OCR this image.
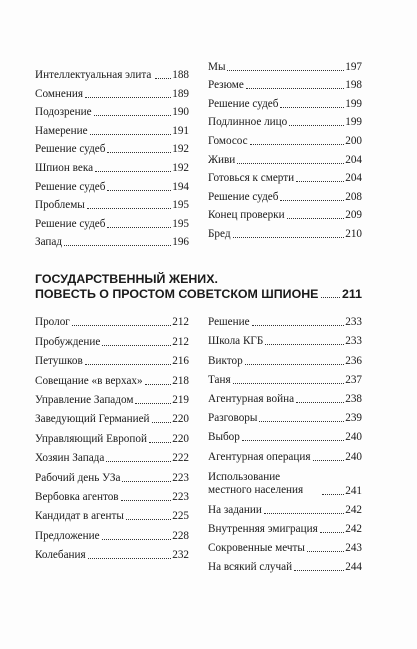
Интеллектуальная элита 188
Сомнения	189
Подозрение	190
Намерение	191
Решение судеб	192
Шпион века	192
Решение судеб	194
Проблемы	195
Решение судеб	195
Запад	196
Мы	197
Резюме	198
Решение судеб	199
Подлинное лицо	199
Гомосос	200
Живи	204
Готовься к смерти	204
Решение судеб	208
Конец проверки	209
Бред	210
ГОСУДАРСТВЕННЫЙ ЖЕНИХ.
ПОВЕСТЬ О ПРОСТОМ СОВЕТСКОМ ШПИОНЕ 211
Пролог	212
Пробуждение	212
Петушков	216
Совещание «в верхах»	218
Управление Западом	219
Заведующий Германией 220
Управляющий Европой 220
Хозяин Запада	222
Рабочий день УЗа	223
Вербовка агентов	223
Кандидат в агенты	225
Предложение	228
Колебания	232
Решение	233
Школа КГБ	233
Виктор	236
Таня	237
Агентурная война	238
Разговоры	239
Выбор	240
Агентурная операция	240
Использование местного населения	241
На задании	242
Внутренняя эмиграция 242
Сокровенные мечты	243
На всякий случай	244
